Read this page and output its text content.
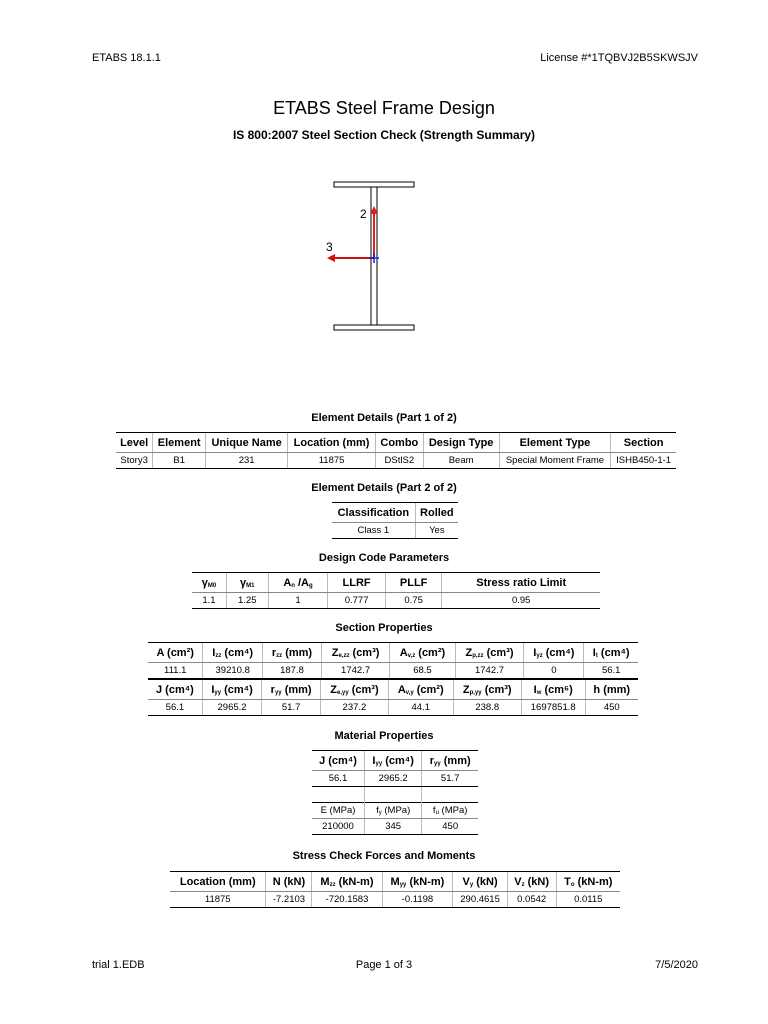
ETABS 18.1.1	License #*1TQBVJ2B5SKWSJV
ETABS Steel Frame Design
IS 800:2007 Steel Section Check (Strength Summary)
2
3
Element Details (Part 1 of 2)
Level	Element	Unique Name	Location (mm)	Combo	Design Type	Element Type	Section
Story3	B1	231	11875	DStlS2	Beam	Special Moment Frame	ISHB450-1-1
Element Details (Part 2 of 2)
Classification	Rolled
Class 1	Yes
Design Code Parameters
$\gamma_{M0}$	$\gamma_{M1}$	$A_n$ $/A_g$	LLRF	PLLF	Stress ratio Limit
1.1	1.25	1	0.777	0.75	0.95
Section Properties
A (cm²)	$I_{zz}$ (cm⁴)	$r_{zz}$ (mm)	$Z_{e,zz}$ (cm³)	$A_{v,z}$ (cm²)	$Z_{p,zz}$ (cm³)	$I_{yz}$ (cm⁴)	$I_t$ (cm⁴)
111.1	39210.8	187.8	1742.7	68.5	1742.7	0	56.1
J (cm⁴)	$I_{yy}$ (cm⁴)	$r_{yy}$ (mm)	$Z_{e,yy}$ (cm³)	$A_{v,y}$ (cm²)	$Z_{p,yy}$ (cm³)	$I_w$ (cm⁶)	h (mm)
56.1	2965.2	51.7	237.2	44.1	238.8	1697851.8	450
Material Properties
J (cm⁴)	$I_{yy}$ (cm⁴)	$r_{yy}$ (mm)
56.1	2965.2	51.7

E (MPa)	$f_y$ (MPa)	$f_u$ (MPa)
210000	345	450
Stress Check Forces and Moments
Location (mm)	N (kN)	$M_{zz}$ (kN-m)	$M_{yy}$ (kN-m)	$V_y$ (kN)	$V_z$ (kN)	$T_o$ (kN-m)
11875	-7.2103	-720.1583	-0.1198	290.4615	0.0542	0.0115
trial 1.EDB	Page 1 of 3	7/5/2020
